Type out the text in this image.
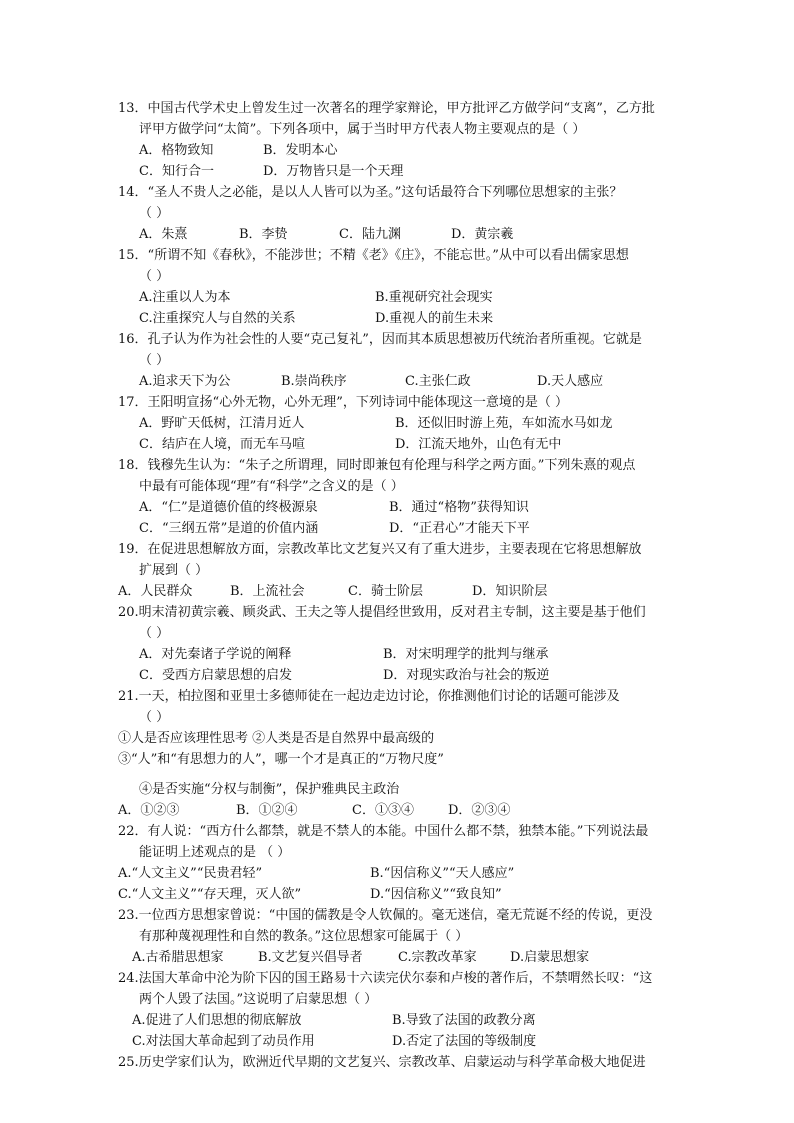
13．中国古代学术史上曾发生过一次著名的理学家辩论，甲方批评乙方做学问“支离”，乙方批
评甲方做学问“太简”。下列各项中，属于当时甲方代表人物主要观点的是（ ）
A．格物致知	B．发明本心
C．知行合一	D．万物皆只是一个天理
14．“圣人不贵人之必能，是以人人皆可以为圣。”这句话最符合下列哪位思想家的主张？
（ ）
A．朱熹	B．李贽	C．陆九渊	D．黄宗羲
15．“所谓不知《春秋》，不能涉世；不精《老》《庄》，不能忘世。”从中可以看出儒家思想
（ ）
A.注重以人为本	B.重视研究社会现实
C.注重探究人与自然的关系	D.重视人的前生未来
16．孔子认为作为社会性的人要“克己复礼”，因而其本质思想被历代统治者所重视。它就是
（ ）
A.追求天下为公	B.崇尚秩序	C.主张仁政	D.天人感应
17．王阳明宣扬“心外无物，心外无理”，下列诗词中能体现这一意境的是（ ）
A．野旷天低树，江清月近人	B．还似旧时游上苑，车如流水马如龙
C．结庐在人境，而无车马喧	D．江流天地外，山色有无中
18．钱穆先生认为：“朱子之所谓理，同时即兼包有伦理与科学之两方面。”下列朱熹的观点
中最有可能体现“理”有“科学”之含义的是（ ）
A．“仁”是道德价值的终极源泉	B．通过“格物”获得知识
C．“三纲五常”是道的价值内涵	D．“正君心”才能天下平
19．在促进思想解放方面，宗教改革比文艺复兴又有了重大进步，主要表现在它将思想解放
扩展到（ ）
A．人民群众	B．上流社会	C．骑士阶层	D．知识阶层
20.明末清初黄宗羲、顾炎武、王夫之等人提倡经世致用，反对君主专制，这主要是基于他们
（ ）
A．对先秦诸子学说的阐释	B．对宋明理学的批判与继承
C．受西方启蒙思想的启发	D．对现实政治与社会的叛逆
21.一天，柏拉图和亚里士多德师徒在一起边走边讨论，你推测他们讨论的话题可能涉及
（ ）
①人是否应该理性思考 ②人类是否是自然界中最高级的
③“人”和“有思想力的人”，哪一个才是真正的“万物尺度”
④是否实施“分权与制衡”，保护雅典民主政治
A．①②③	B．①②④	C．①③④	D．②③④
22．有人说：“西方什么都禁，就是不禁人的本能。中国什么都不禁，独禁本能。”下列说法最
能证明上述观点的是 （ ）
A.“人文主义”“民贵君轻”	B.“因信称义”“天人感应”
C.“人文主义”“存天理，灭人欲”	D.“因信称义”“致良知”
23.一位西方思想家曾说：“中国的儒教是令人钦佩的。毫无迷信，毫无荒诞不经的传说，更没
有那种蔑视理性和自然的教条。”这位思想家可能属于（ ）
A.古希腊思想家	B.文艺复兴倡导者	C.宗教改革家	D.启蒙思想家
24.法国大革命中沦为阶下囚的国王路易十六读完伏尔泰和卢梭的著作后，不禁喟然长叹：“这
两个人毁了法国。”这说明了启蒙思想（ ）
A.促进了人们思想的彻底解放	B.导致了法国的政教分离
C.对法国大革命起到了动员作用	D.否定了法国的等级制度
25.历史学家们认为，欧洲近代早期的文艺复兴、宗教改革、启蒙运动与科学革命极大地促进
